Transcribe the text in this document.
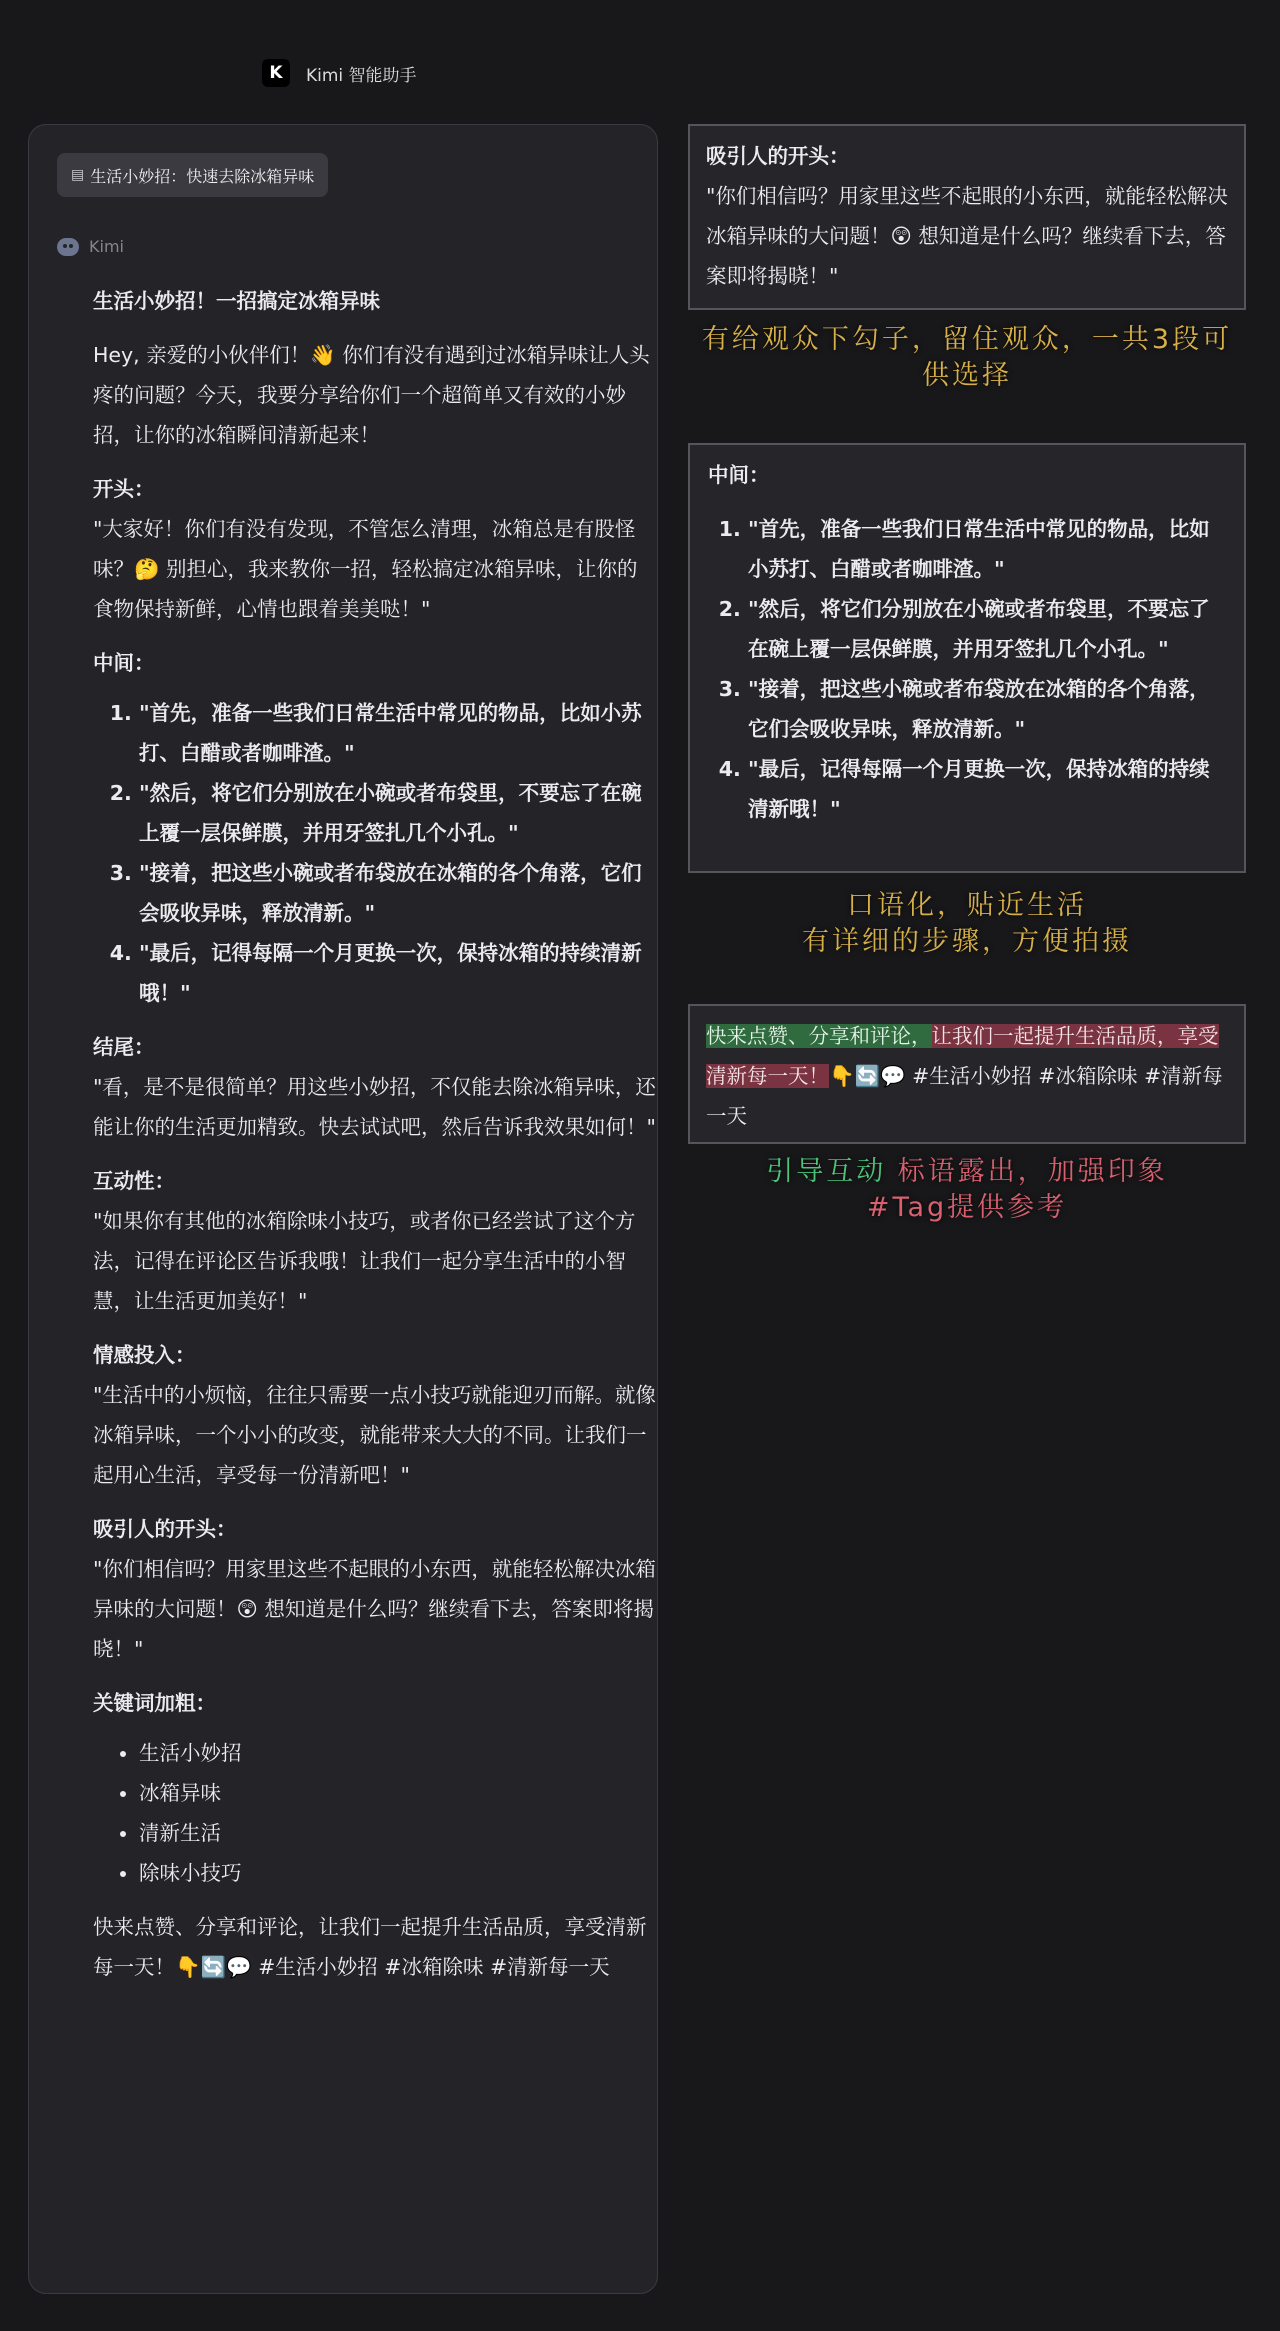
K	Kimi 智能助手
▤ 生活小妙招：快速去除冰箱异味
Kimi

生活小妙招！一招搞定冰箱异味

Hey, 亲爱的小伙伴们！👋 你们有没有遇到过冰箱异味让人头疼的问题？今天，我要分享给你们一个超简单又有效的小妙招，让你的冰箱瞬间清新起来！

开头：

"大家好！你们有没有发现，不管怎么清理，冰箱总是有股怪味？🤔 别担心，我来教你一招，轻松搞定冰箱异味，让你的食物保持新鲜，心情也跟着美美哒！"

中间：

1. "首先，准备一些我们日常生活中常见的物品，比如小苏打、白醋或者咖啡渣。"
2. "然后，将它们分别放在小碗或者布袋里，不要忘了在碗上覆一层保鲜膜，并用牙签扎几个小孔。"
3. "接着，把这些小碗或者布袋放在冰箱的各个角落，它们会吸收异味，释放清新。"
4. "最后，记得每隔一个月更换一次，保持冰箱的持续清新哦！"

结尾：

"看，是不是很简单？用这些小妙招，不仅能去除冰箱异味，还能让你的生活更加精致。快去试试吧，然后告诉我效果如何！"

互动性：

"如果你有其他的冰箱除味小技巧，或者你已经尝试了这个方法，记得在评论区告诉我哦！让我们一起分享生活中的小智慧，让生活更加美好！"

情感投入：

"生活中的小烦恼，往往只需要一点小技巧就能迎刃而解。就像冰箱异味，一个小小的改变，就能带来大大的不同。让我们一起用心生活，享受每一份清新吧！"

吸引人的开头：

"你们相信吗？用家里这些不起眼的小东西，就能轻松解决冰箱异味的大问题！😲 想知道是什么吗？继续看下去，答案即将揭晓！"

关键词加粗：

• 生活小妙招
• 冰箱异味
• 清新生活
• 除味小技巧

快来点赞、分享和评论，让我们一起提升生活品质，享受清新每一天！👇🔄💬 #生活小妙招 #冰箱除味 #清新每一天

吸引人的开头：

"你们相信吗？用家里这些不起眼的小东西，就能轻松解决冰箱异味的大问题！😲 想知道是什么吗？继续看下去，答案即将揭晓！"

有给观众下勾子，留住观众，一共3段可供选择

中间：

1. "首先，准备一些我们日常生活中常见的物品，比如小苏打、白醋或者咖啡渣。"
2. "然后，将它们分别放在小碗或者布袋里，不要忘了在碗上覆一层保鲜膜，并用牙签扎几个小孔。"
3. "接着，把这些小碗或者布袋放在冰箱的各个角落，它们会吸收异味，释放清新。"
4. "最后，记得每隔一个月更换一次，保持冰箱的持续清新哦！"
口语化，贴近生活
有详细的步骤，方便拍摄

快来点赞、分享和评论，让我们一起提升生活品质，享受清新每一天！👇🔄💬 #生活小妙招 #冰箱除味 #清新每一天

引导互动 标语露出，加强印象
#Tag提供参考
